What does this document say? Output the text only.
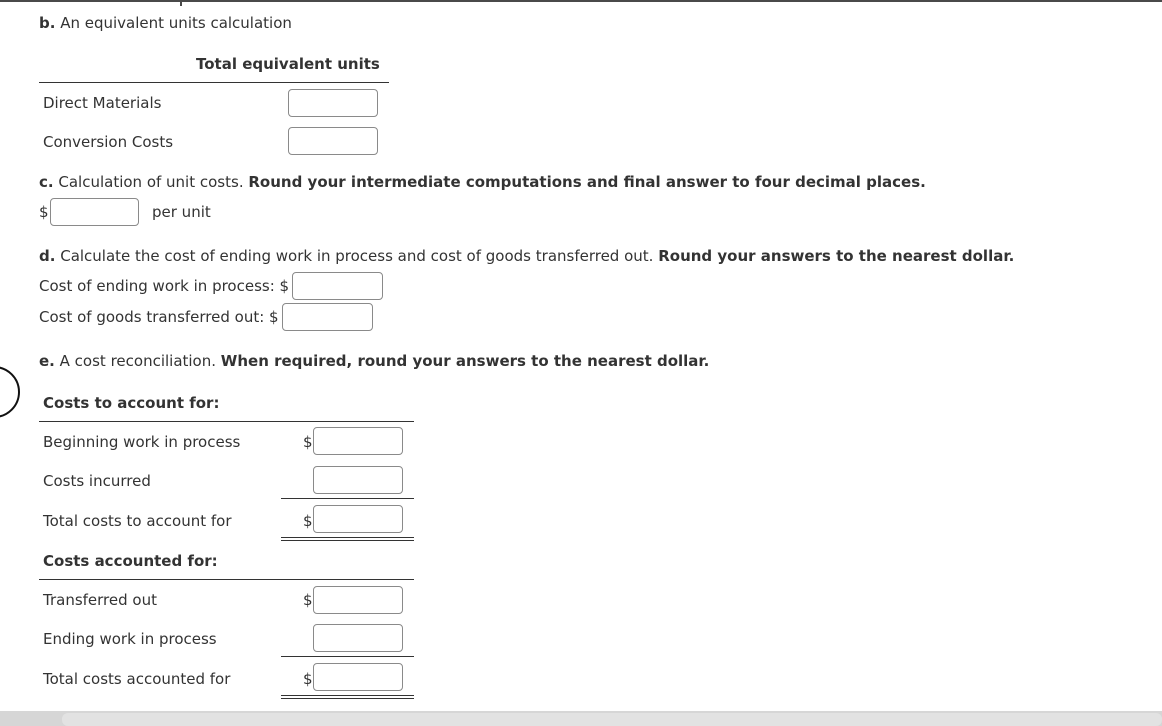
b. An equivalent units calculation
Total equivalent units
Direct Materials
Conversion Costs
c. Calculation of unit costs. Round your intermediate computations and final answer to four decimal places.
$	per unit
d. Calculate the cost of ending work in process and cost of goods transferred out. Round your answers to the nearest dollar.
Cost of ending work in process: $
Cost of goods transferred out: $
e. A cost reconciliation. When required, round your answers to the nearest dollar.
Costs to account for:
Beginning work in process	$
Costs incurred
Total costs to account for	$
Costs accounted for:
Transferred out	$
Ending work in process
Total costs accounted for	$
